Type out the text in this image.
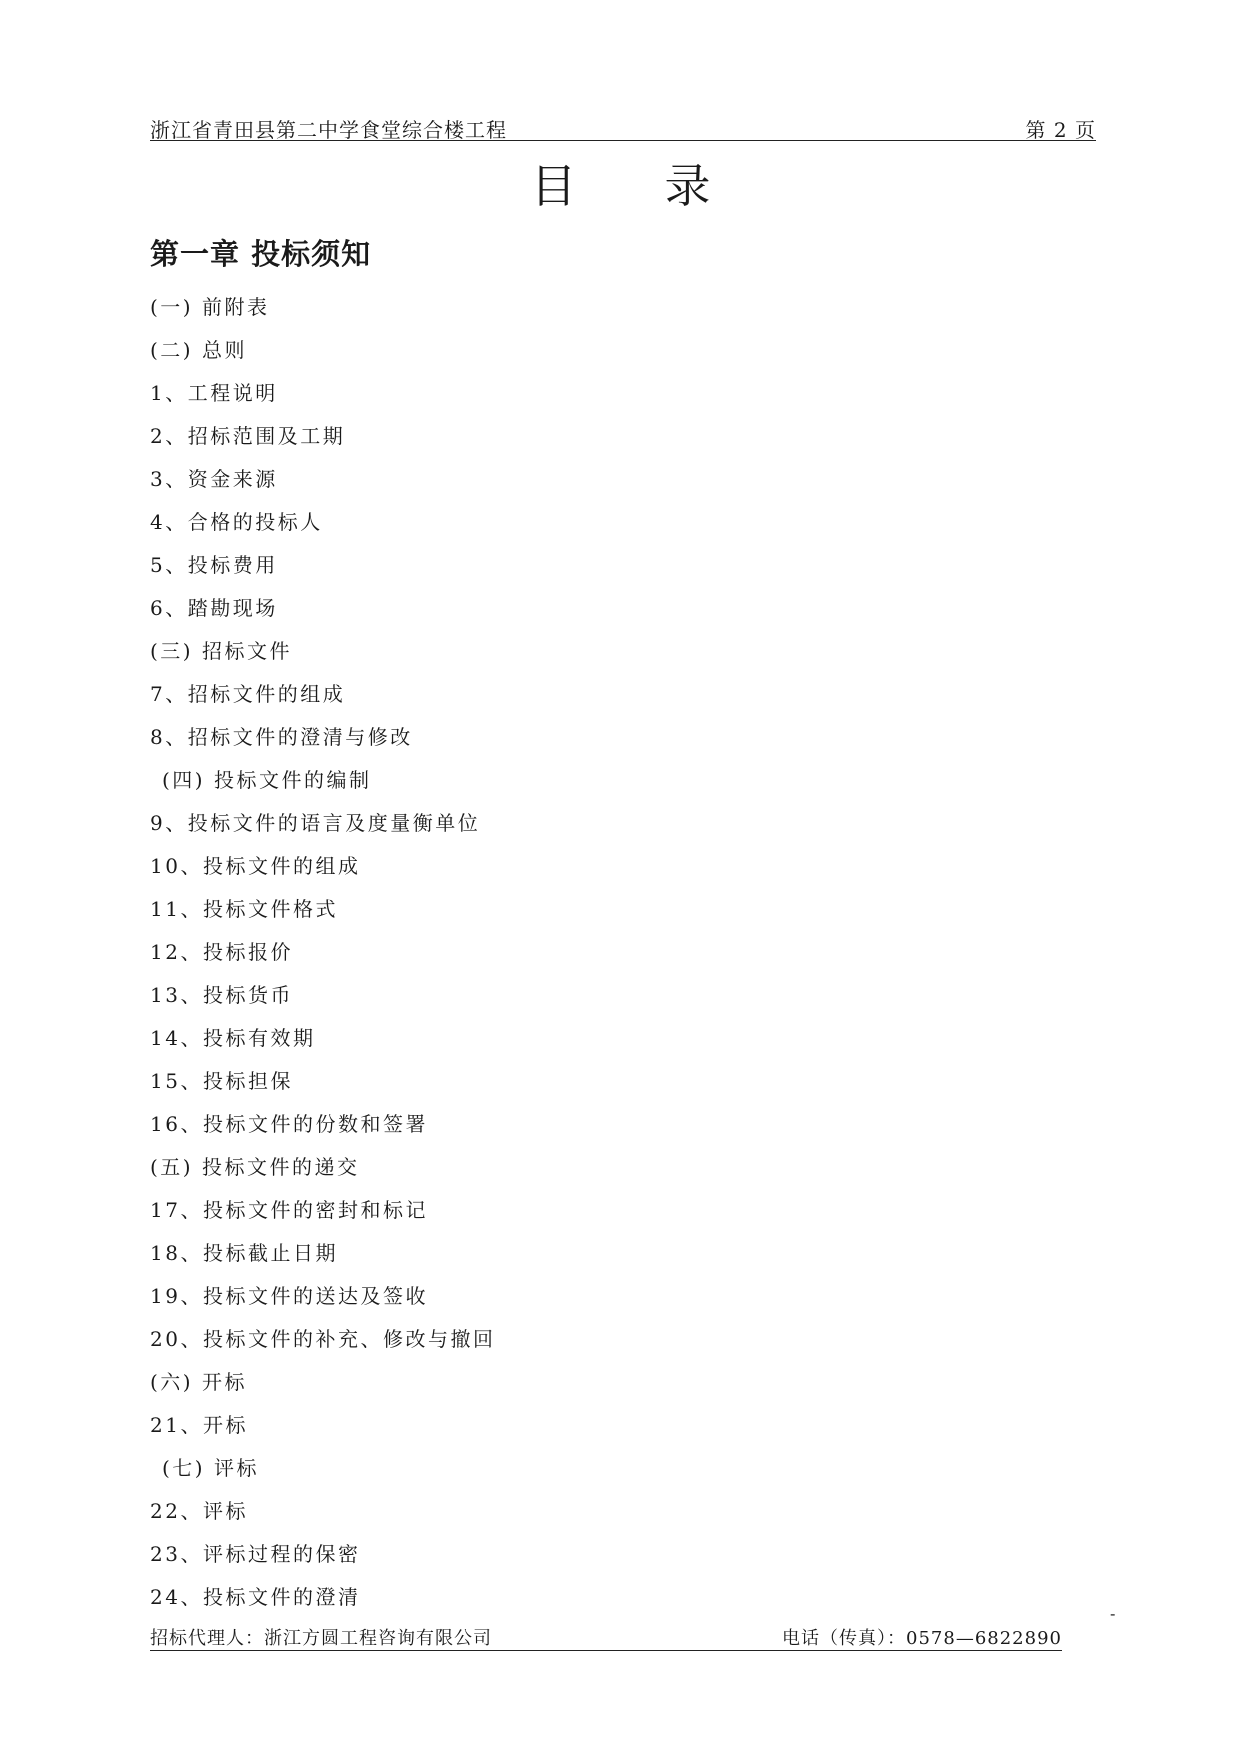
浙江省青田县第二中学食堂综合楼工程	第 2 页
目录
第一章 投标须知
(一) 前附表
(二) 总则
1、工程说明
2、招标范围及工期
3、资金来源
4、合格的投标人
5、投标费用
6、踏勘现场
(三) 招标文件
7、招标文件的组成
8、招标文件的澄清与修改
(四) 投标文件的编制
9、投标文件的语言及度量衡单位
10、投标文件的组成
11、投标文件格式
12、投标报价
13、投标货币
14、投标有效期
15、投标担保
16、投标文件的份数和签署
(五) 投标文件的递交
17、投标文件的密封和标记
18、投标截止日期
19、投标文件的送达及签收
20、投标文件的补充、修改与撤回
(六) 开标
21、开标
(七) 评标
22、评标
23、评标过程的保密
24、投标文件的澄清
招标代理人：浙江方圆工程咨询有限公司	电话（传真）：0578—6822890
-
